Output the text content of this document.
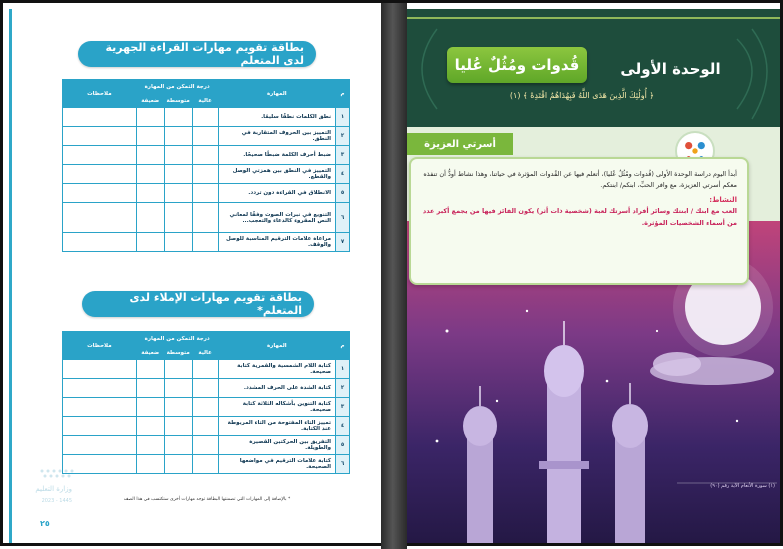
بطاقة تقويم مهارات القراءة الجهرية لدى المتعلم
م	المهارة	درجة التمكن من المهارة			ملاحظات
		عالية	متوسطة	ضعيفة	
١	نطق الكلمات نطقًا سليمًا.				
٢	التمييز بين الحروف المتقاربة في النطق.				
٣	ضبط أحرف الكلمة ضبطًا صحيحًا.				
٤	التمييز في النطق بين همزتي الوصل والقطع.				
٥	الانطلاق في القراءة دون تردد.				
٦	التنويع في نبرات الصوت وفقًا لمعاني النص المقروء كالدعاء والتعجب...				
٧	مراعاة علامات الترقيم المناسبة للوصل والوقف.				
بطاقة تقويم مهارات الإملاء لدى المتعلم*
م	المهارة	درجة التمكن من المهارة			ملاحظات
		عالية	متوسطة	ضعيفة	
١	كتابة اللام الشمسية والقمرية كتابة صحيحة.				
٢	كتابة الشدة على الحرف المشدد.				
٣	كتابة التنوين بأشكاله الثلاثة كتابة صحيحة.				
٤	تمييز التاء المفتوحة من التاء المربوطة عند الكتابة.				
٥	التفريق بين الحركتين القصيرة والطويلة.				
٦	كتابة علامات الترقيم في مواضعها الصحيحة.				
وزارة التعليم
2023 - 1445	* بالإضافة إلى المهارات التي تضمنتها البطاقة توجد مهارات أخرى ستكتسب في هذا الصف
٢٥
الوحدة الأولى
قُدوات ومُثُلٌ عُليا
﴿ أُولَٰئِكَ الَّذِينَ هَدَى اللَّهُ فَبِهُدَاهُمُ اقْتَدِهْ ﴾ (١)
أسرتي العزيزة
أبدأ اليوم دراسة الوحدة الأولى (قُدوات ومُثُلٌ عُليا)، أتعلم فيها عن القُدوات المؤثرة في حياتنا، وهذا نشاط أودُّ أن تنفذه معكم أسرتي العزيزة، مع وافر الحبِّ، ابنكم/ ابنتكم.
النشاط:
العب مع ابنك / ابنتك وسائر أفراد أسرتك لعبة (شخصية ذات أثر) يكون الفائز فيها من يجمع أكبر عدد من أسماء الشخصيات المؤثرة.
(١) سورة الأنعام الآية رقم (٩٠)
